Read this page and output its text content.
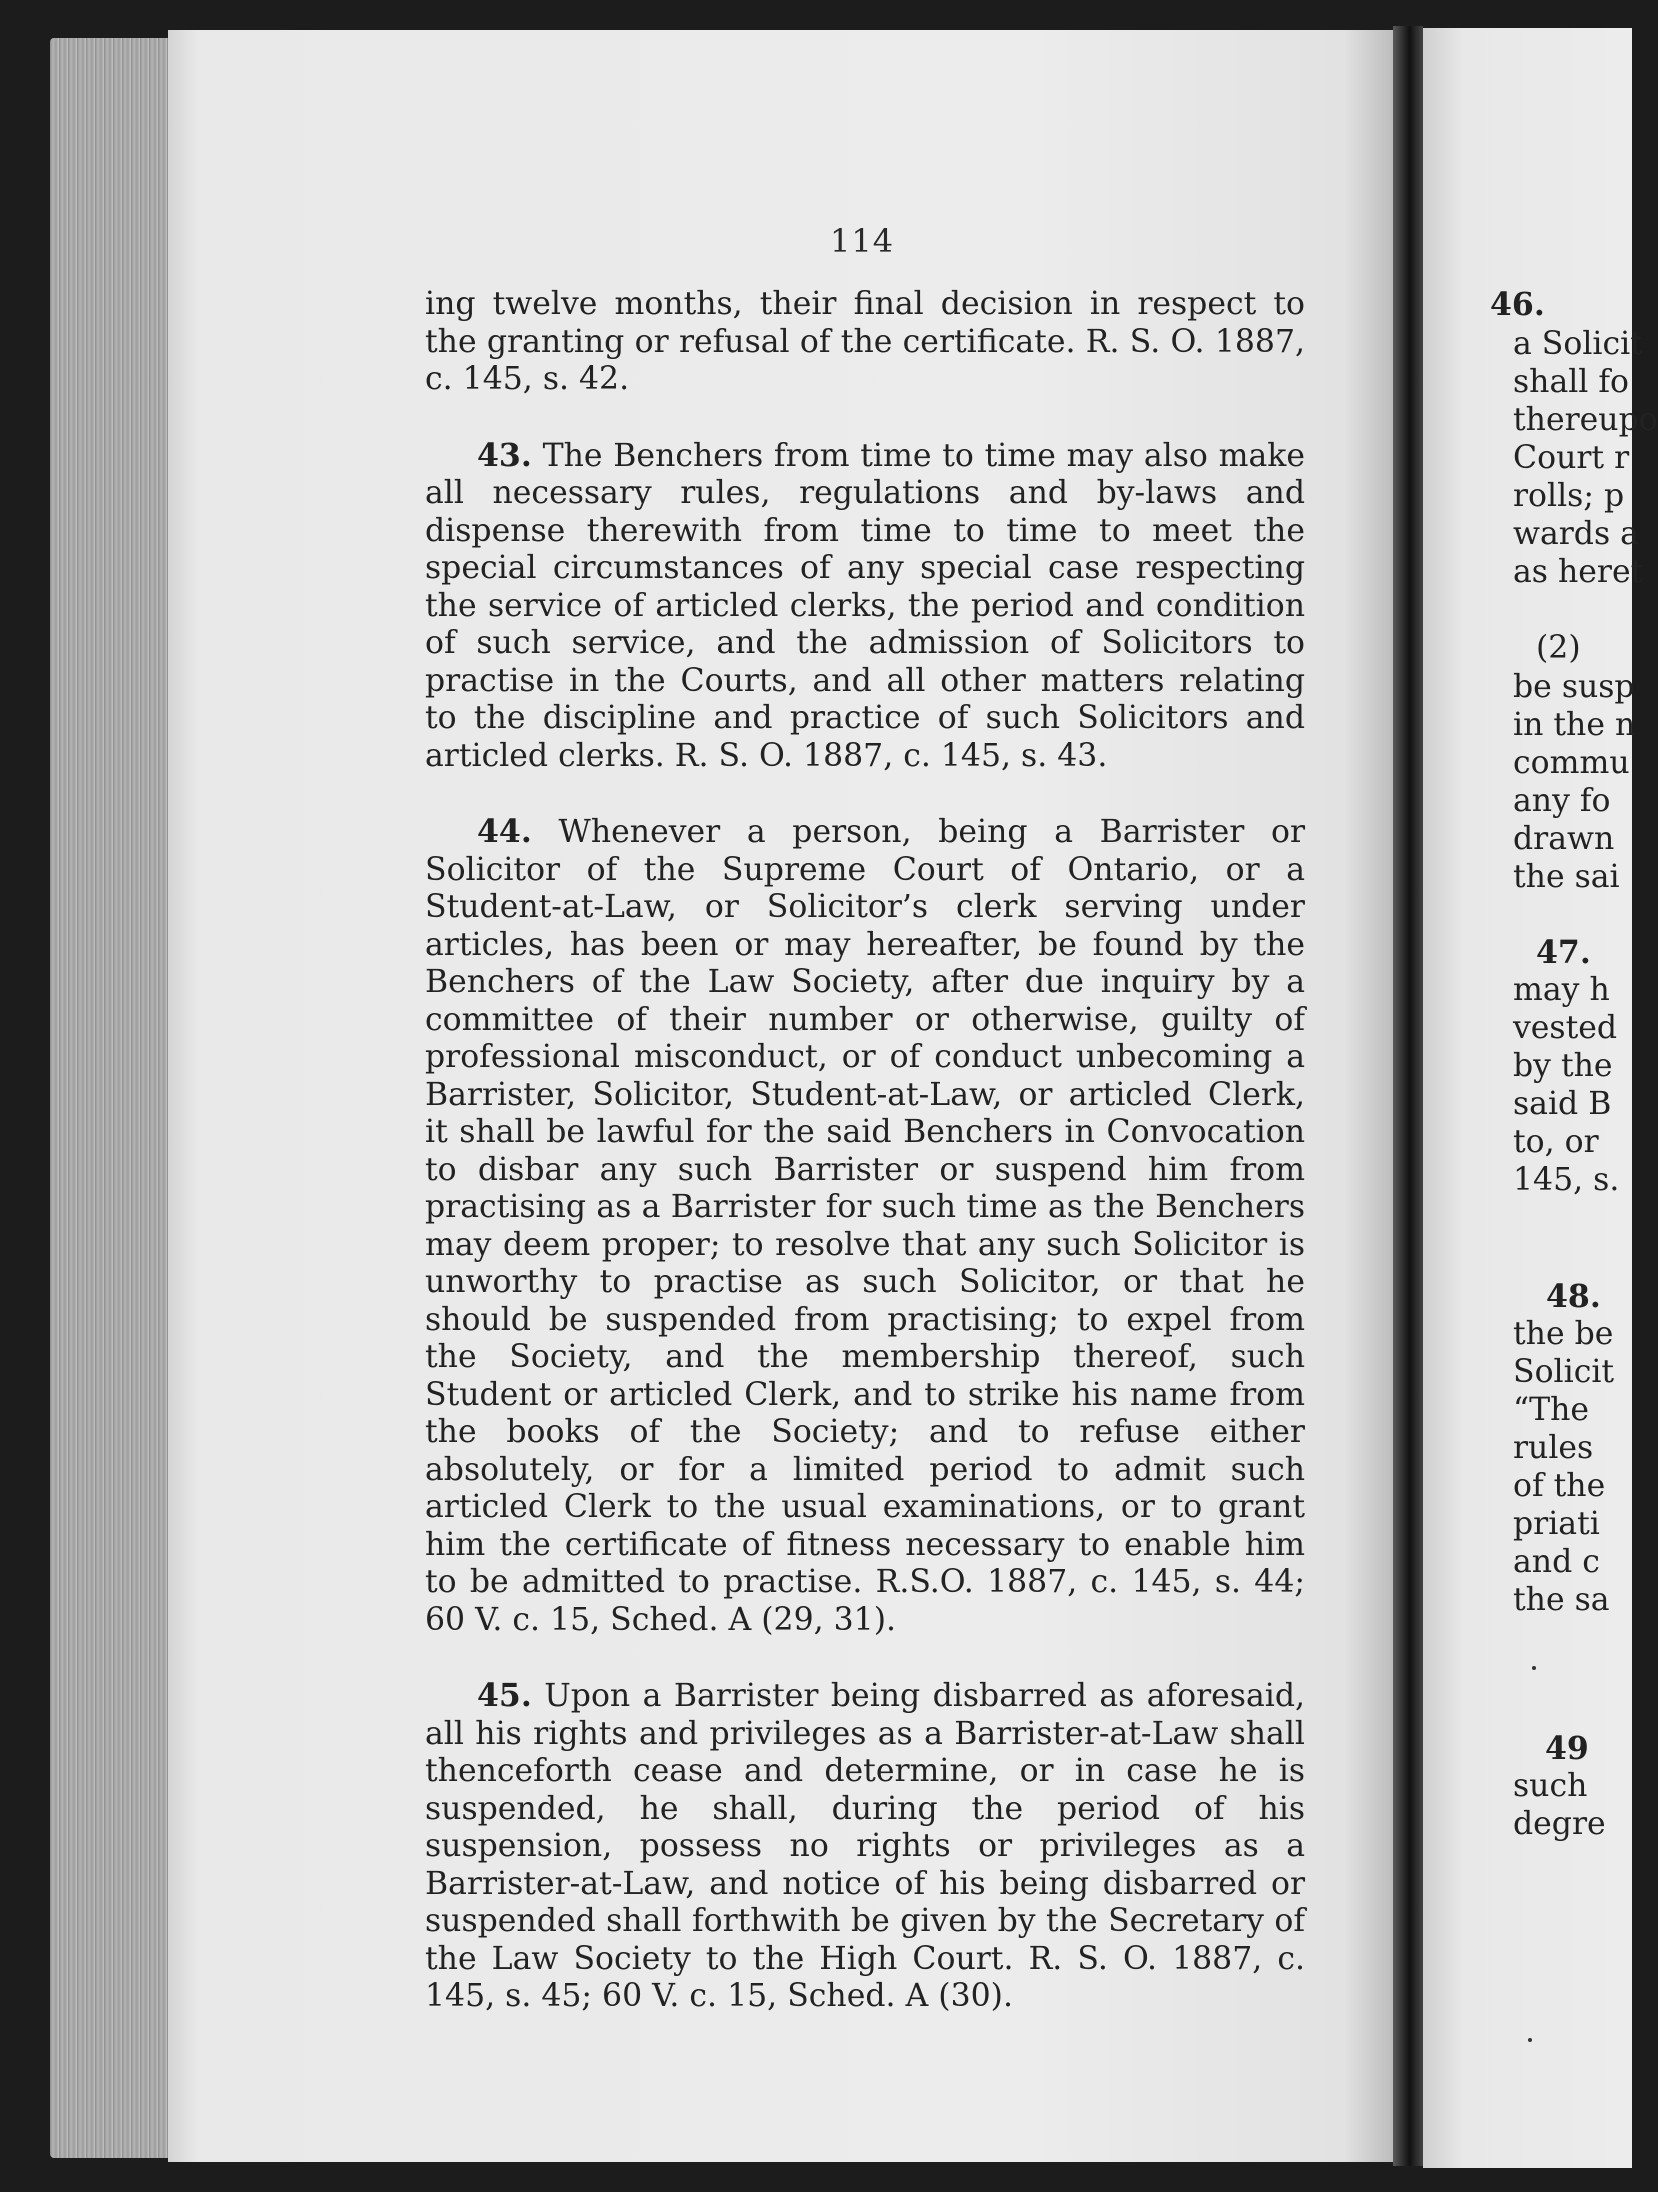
114

ing twelve months, their final decision in respect to the granting or refusal of the certificate. R. S. O. 1887, c. 145, s. 42.

43. The Benchers from time to time may also make all necessary rules, regulations and by-laws and dispense therewith from time to time to meet the special circumstances of any special case respecting the service of articled clerks, the period and condition of such service, and the admission of Solicitors to practise in the Courts, and all other matters relating to the discipline and practice of such Solicitors and articled clerks. R. S. O. 1887, c. 145, s. 43.

44. Whenever a person, being a Barrister or Solicitor of the Supreme Court of Ontario, or a Student-at-Law, or Solicitor’s clerk serving under articles, has been or may hereafter, be found by the Benchers of the Law Society, after due inquiry by a committee of their number or otherwise, guilty of professional misconduct, or of conduct unbecoming a Barrister, Solicitor, Student-at-Law, or articled Clerk, it shall be lawful for the said Benchers in Convocation to disbar any such Barrister or suspend him from practising as a Barrister for such time as the Benchers may deem proper; to resolve that any such Solicitor is unworthy to practise as such Solicitor, or that he should be suspended from practising; to expel from the Society, and the membership thereof, such Student or articled Clerk, and to strike his name from the books of the Society; and to refuse either absolutely, or for a limited period to admit such articled Clerk to the usual examinations, or to grant him the certificate of fitness necessary to enable him to be admitted to practise. R.S.O. 1887, c. 145, s. 44; 60 V. c. 15, Sched. A (29, 31).

45. Upon a Barrister being disbarred as aforesaid, all his rights and privileges as a Barrister-at-Law shall thenceforth cease and determine, or in case he is suspended, he shall, during the period of his suspension, possess no rights or privileges as a Barrister-at-Law, and notice of his being disbarred or suspended shall forthwith be given by the Secretary of the Law Society to the High Court. R. S. O. 1887, c. 145, s. 45; 60 V. c. 15, Sched. A (30).

46.
a Solicit
shall fo
thereupo
Court r
rolls; p
wards a
as heret
(2)
be susp
in the n
commu
any fo
drawn
the sai
47.
may h
vested
by the
said B
to, or
145, s.
48.
the be
Solicit
“The
rules
of the
priati
and c
the sa
49
such
degre
